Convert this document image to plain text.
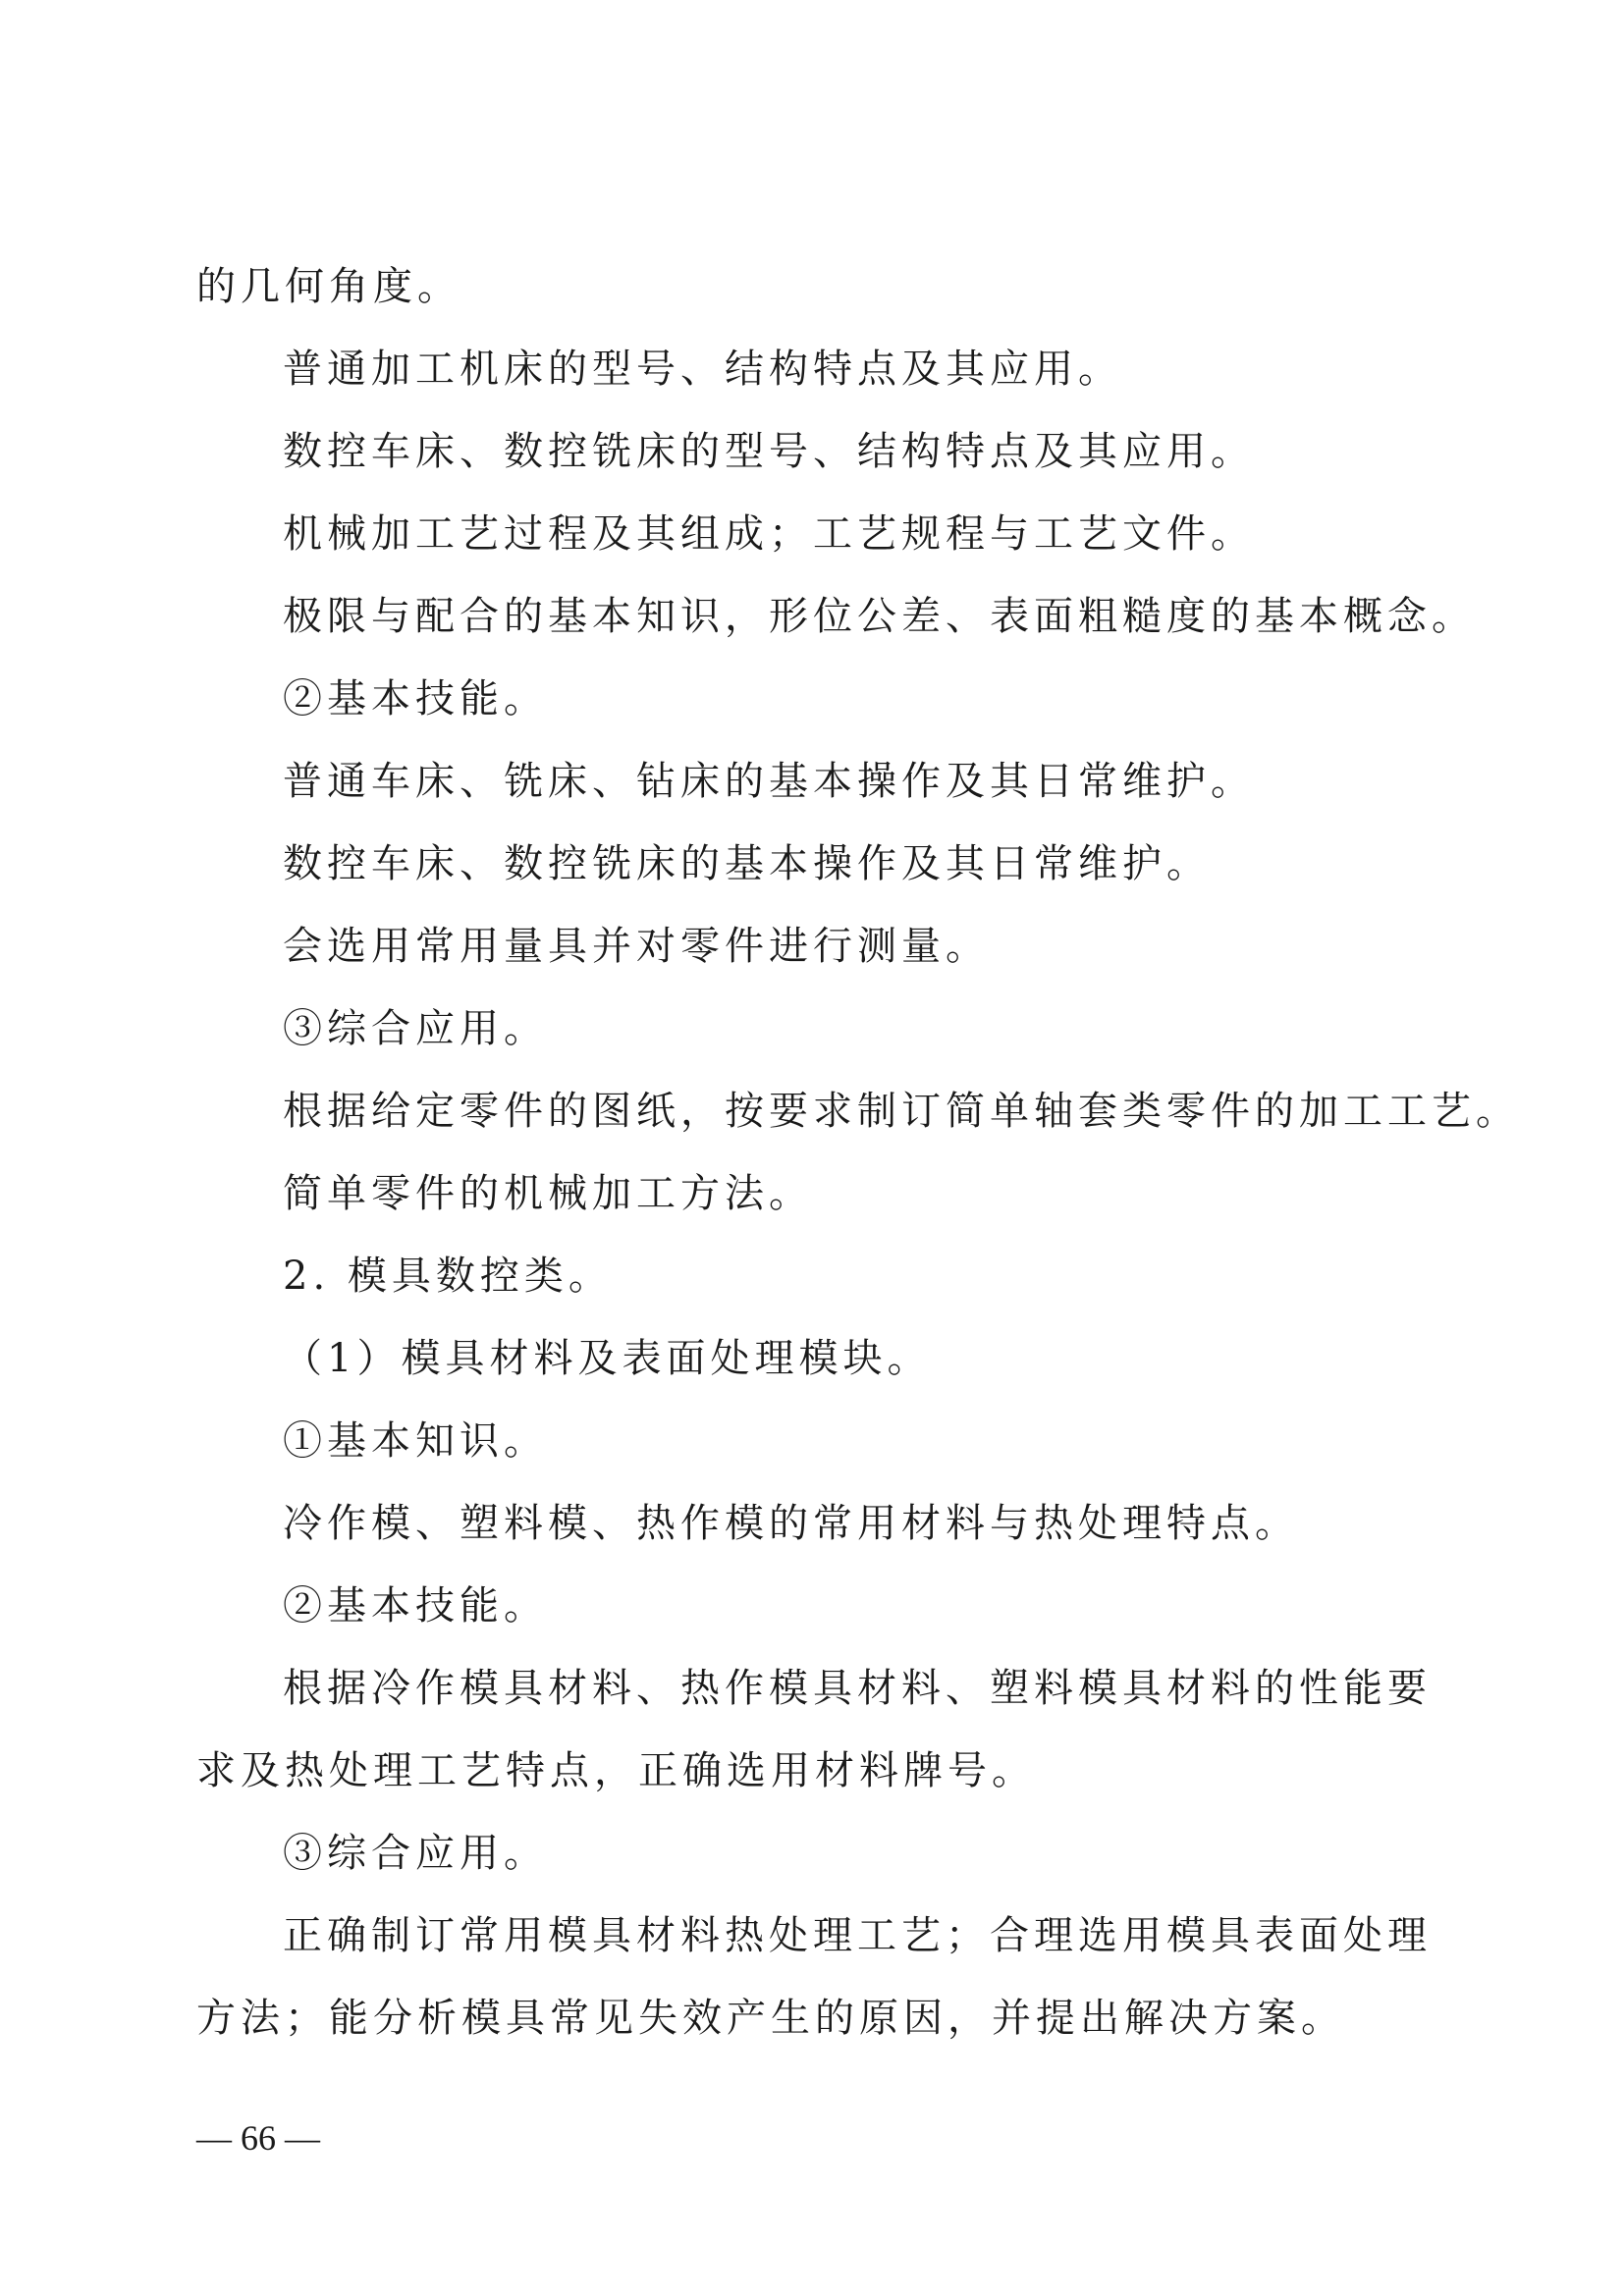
的几何角度。
普通加工机床的型号、结构特点及其应用。
数控车床、数控铣床的型号、结构特点及其应用。
机械加工艺过程及其组成；工艺规程与工艺文件。
极限与配合的基本知识，形位公差、表面粗糙度的基本概念。
②基本技能。
普通车床、铣床、钻床的基本操作及其日常维护。
数控车床、数控铣床的基本操作及其日常维护。
会选用常用量具并对零件进行测量。
③综合应用。
根据给定零件的图纸，按要求制订简单轴套类零件的加工工艺。
简单零件的机械加工方法。
2. 模具数控类。
（1）模具材料及表面处理模块。
①基本知识。
冷作模、塑料模、热作模的常用材料与热处理特点。
②基本技能。
根据冷作模具材料、热作模具材料、塑料模具材料的性能要
求及热处理工艺特点，正确选用材料牌号。
③综合应用。
正确制订常用模具材料热处理工艺；合理选用模具表面处理
方法；能分析模具常见失效产生的原因，并提出解决方案。
— 66 —
